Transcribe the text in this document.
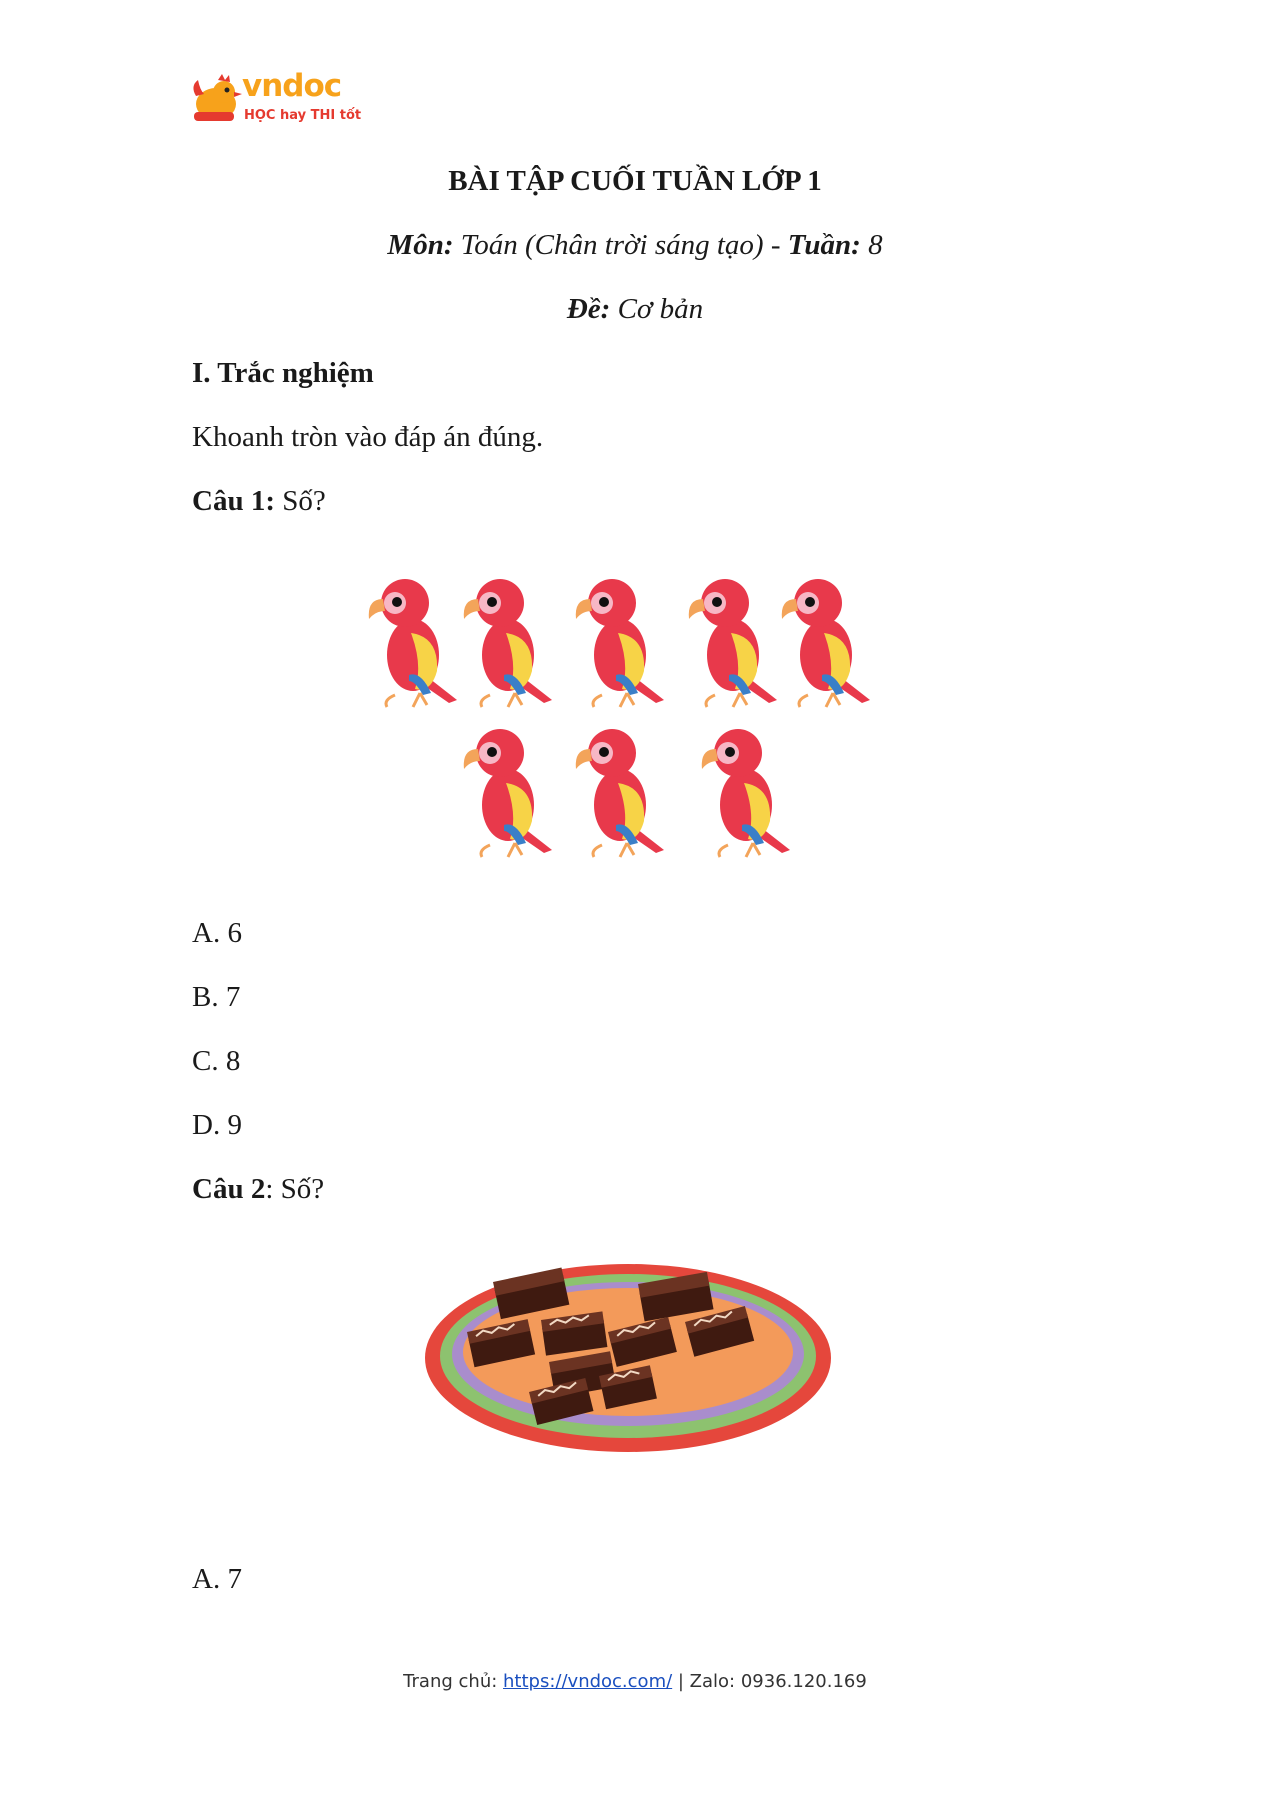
vndoc
HỌC hay THI tốt
BÀI TẬP CUỐI TUẦN LỚP 1
Môn: Toán (Chân trời sáng tạo) - Tuần: 8
Đề: Cơ bản
I. Trắc nghiệm
Khoanh tròn vào đáp án đúng.
Câu 1: Số?
A. 6
B. 7
C. 8
D. 9
Câu 2: Số?
A. 7
Trang chủ: https://vndoc.com/ | Zalo: 0936.120.169
